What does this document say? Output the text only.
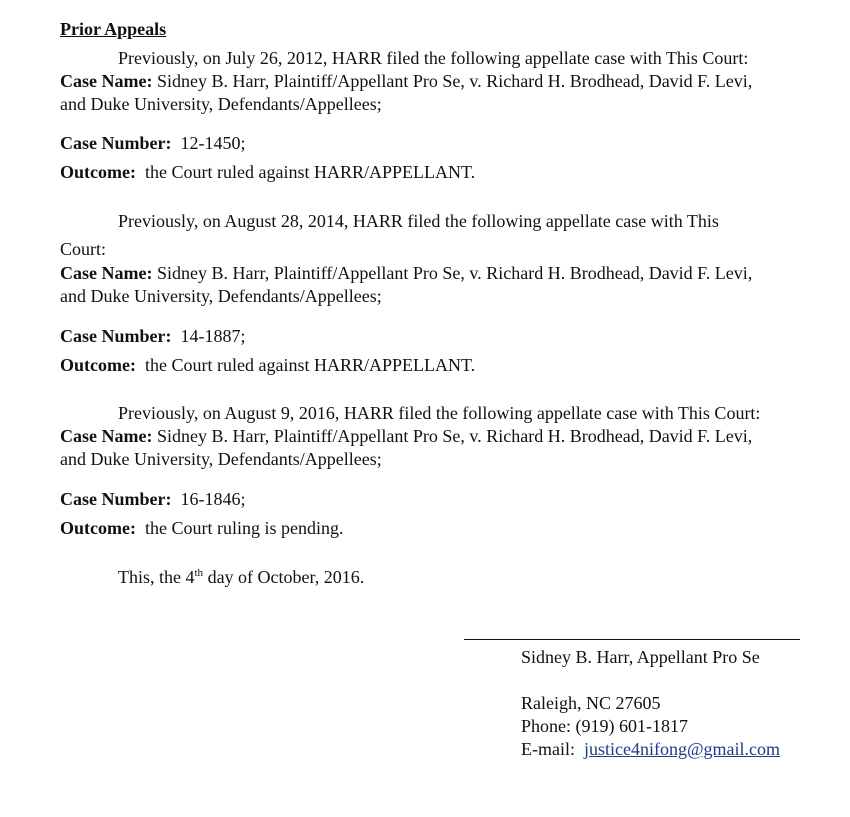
Prior Appeals
Previously, on July 26, 2012, HARR filed the following appellate case with This Court:
Case Name: Sidney B. Harr, Plaintiff/Appellant Pro Se, v. Richard H. Brodhead, David F. Levi,
and Duke University, Defendants/Appellees;
Case Number: 12-1450;
Outcome: the Court ruled against HARR/APPELLANT.
Previously, on August 28, 2014, HARR filed the following appellate case with This
Court:
Case Name: Sidney B. Harr, Plaintiff/Appellant Pro Se, v. Richard H. Brodhead, David F. Levi,
and Duke University, Defendants/Appellees;
Case Number: 14-1887;
Outcome: the Court ruled against HARR/APPELLANT.
Previously, on August 9, 2016, HARR filed the following appellate case with This Court:
Case Name: Sidney B. Harr, Plaintiff/Appellant Pro Se, v. Richard H. Brodhead, David F. Levi,
and Duke University, Defendants/Appellees;
Case Number: 16-1846;
Outcome: the Court ruling is pending.
This, the 4th day of October, 2016.
Sidney B. Harr, Appellant Pro Se
Raleigh, NC 27605
Phone: (919) 601-1817
E-mail:  justice4nifong@gmail.com
